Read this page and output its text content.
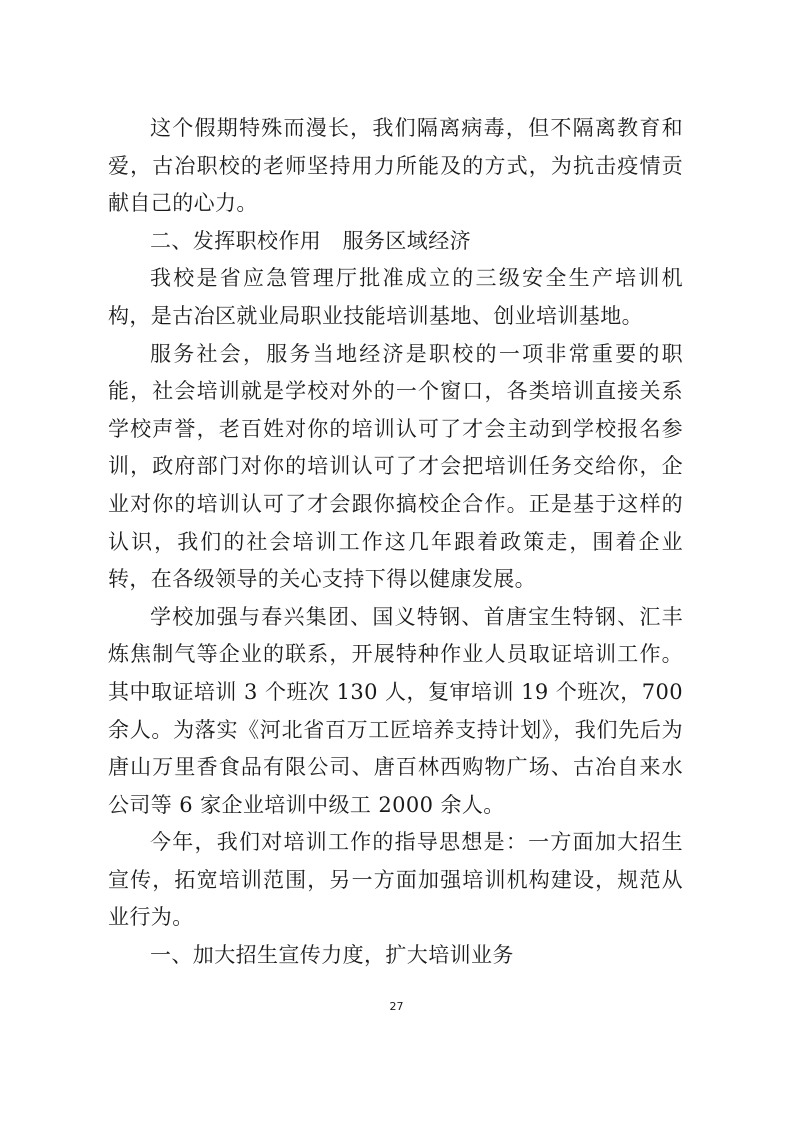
这个假期特殊而漫长，我们隔离病毒，但不隔离教育和爱，古冶职校的老师坚持用力所能及的方式，为抗击疫情贡献自己的心力。

二、发挥职校作用　服务区域经济

我校是省应急管理厅批准成立的三级安全生产培训机构，是古冶区就业局职业技能培训基地、创业培训基地。

服务社会，服务当地经济是职校的一项非常重要的职能，社会培训就是学校对外的一个窗口，各类培训直接关系学校声誉，老百姓对你的培训认可了才会主动到学校报名参训，政府部门对你的培训认可了才会把培训任务交给你，企业对你的培训认可了才会跟你搞校企合作。正是基于这样的认识，我们的社会培训工作这几年跟着政策走，围着企业转，在各级领导的关心支持下得以健康发展。

学校加强与春兴集团、国义特钢、首唐宝生特钢、汇丰炼焦制气等企业的联系，开展特种作业人员取证培训工作。其中取证培训 3 个班次 130 人，复审培训 19 个班次，700 余人。为落实《河北省百万工匠培养支持计划》，我们先后为唐山万里香食品有限公司、唐百林西购物广场、古冶自来水公司等 6 家企业培训中级工 2000 余人。

今年，我们对培训工作的指导思想是：一方面加大招生宣传，拓宽培训范围，另一方面加强培训机构建设，规范从业行为。

一、加大招生宣传力度，扩大培训业务

27
